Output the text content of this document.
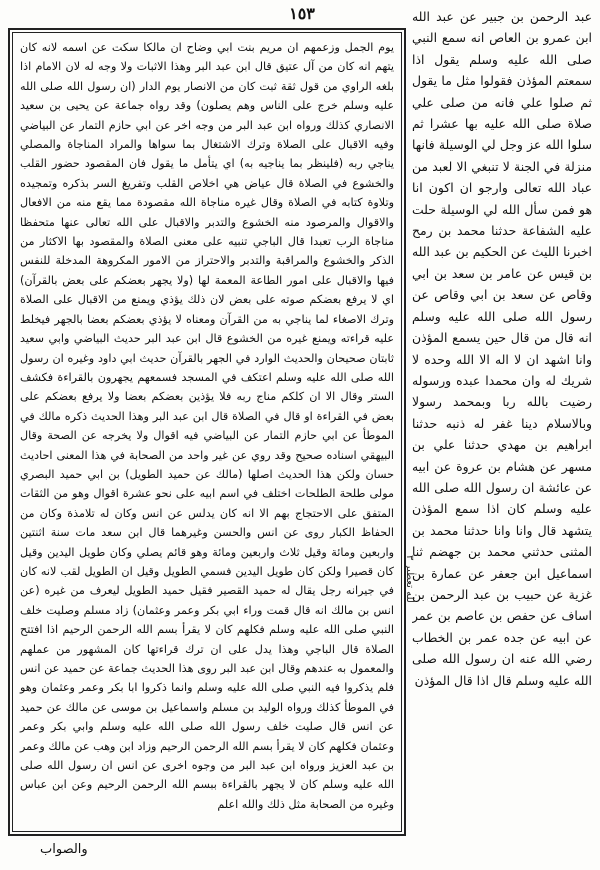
١٥٣
يوم الجمل وزعمهم ان مريم بنت ابي وضاح ان مالكا سكت عن اسمه لانه كان يتهم انه كان من آل عتيق قال ابن عبد البر وهذا الاثبات ولا وجه له لان الامام اذا بلغه الراوي من قول ثقة ثبت كان من الانصار يوم الدار (ان رسول الله صلى الله عليه وسلم خرج على الناس وهم يصلون) وقد رواه جماعة عن يحيى بن سعيد الانصاري كذلك ورواه ابن عبد البر من وجه اخر عن ابي حازم التمار عن البياضي وفيه الاقبال على الصلاة وترك الاشتغال بما سواها والمراد المناجاة والمصلي يناجي ربه (فلينظر بما يناجيه به) اي يتأمل ما يقول فان المقصود حضور القلب والخشوع في الصلاة قال عياض هي اخلاص القلب وتفريغ السر بذكره وتمجيده وتلاوة كتابه في الصلاة وقال غيره مناجاة الله مقصودة مما يقع منه من الافعال والاقوال والمرصود منه الخشوع والتدبر والاقبال على الله تعالى عنها متحفظا مناجاة الرب تعبدا قال الباجي تنبيه على معنى الصلاة والمقصود بها الاكثار من الذكر والخشوع والمراقبة والتدبر والاحتراز من الامور المكروهة المدخلة للنفس فيها والاقبال على امور الطاعة المعمة لها (ولا يجهر بعضكم على بعض بالقرآن) اي لا يرفع بعضكم صوته على بعض لان ذلك يؤذي ويمنع من الاقبال على الصلاة وترك الاصغاء لما يناجي به من القرآن ومعناه لا يؤذي بعضكم بعضا بالجهر فيخلط عليه قراءته ويمنع غيره من الخشوع قال ابن عبد البر حديث البياضي وابي سعيد ثابتان صحيحان والحديث الوارد في الجهر بالقرآن حديث ابي داود وغيره ان رسول الله صلى الله عليه وسلم اعتكف في المسجد فسمعهم يجهرون بالقراءة فكشف الستر وقال الا ان كلكم مناج ربه فلا يؤذين بعضكم بعضا ولا يرفع بعضكم على بعض في القراءة او قال في الصلاة قال ابن عبد البر وهذا الحديث ذكره مالك في الموطأ عن ابي حازم التمار عن البياضي فيه اقوال ولا يخرجه عن الصحة وقال البيهقي اسناده صحيح وقد روي عن غير واحد من الصحابة في هذا المعنى احاديث حسان ولكن هذا الحديث اصلها (مالك عن حميد الطويل) بن ابي حميد البصري مولى طلحة الطلحات اختلف في اسم ابيه على نحو عشرة اقوال وهو من الثقات المتفق على الاحتجاج بهم الا انه كان يدلس عن انس وكان له تلامذة وكان من الحفاظ الكبار روى عن انس والحسن وغيرهما قال ابن سعد مات سنة اثنتين واربعين ومائة وقيل ثلاث واربعين ومائة وهو قائم يصلي وكان طويل اليدين وقيل كان قصيرا ولكن كان طويل اليدين فسمي الطويل وقيل ان الطويل لقب لانه كان في جيرانه رجل يقال له حميد القصير فقيل حميد الطويل ليعرف من غيره (عن انس بن مالك انه قال قمت وراء ابي بكر وعمر وعثمان) زاد مسلم وصليت خلف النبي صلى الله عليه وسلم فكلهم كان لا يقرأ بسم الله الرحمن الرحيم اذا افتتح الصلاة قال الباجي وهذا يدل على ان ترك قراءتها كان المشهور من عملهم والمعمول به عندهم وقال ابن عبد البر روى هذا الحديث جماعة عن حميد عن انس فلم يذكروا فيه النبي صلى الله عليه وسلم وانما ذكروا ابا بكر وعمر وعثمان وهو في الموطأ كذلك ورواه الوليد بن مسلم واسماعيل بن موسى عن مالك عن حميد عن انس قال صليت خلف رسول الله صلى الله عليه وسلم وابي بكر وعمر وعثمان فكلهم كان لا يقرأ بسم الله الرحمن الرحيم وزاد ابن وهب عن مالك وعمر بن عبد العزيز ورواه ابن عبد البر من وجوه اخرى عن انس ان رسول الله صلى الله عليه وسلم كان لا يجهر بالقراءة ببسم الله الرحمن الرحيم وعن ابن عباس وغيره من الصحابة مثل ذلك والله اعلم
لله تعطير ٣
عبد الرحمن بن جبير عن عبد الله ابن عمرو بن العاص انه سمع النبي صلى الله عليه وسلم يقول اذا سمعتم المؤذن فقولوا مثل ما يقول ثم صلوا علي فانه من صلى علي صلاة صلى الله عليه بها عشرا ثم سلوا الله عز وجل لي الوسيلة فانها منزلة في الجنة لا تنبغي الا لعبد من عباد الله تعالى وارجو ان اكون انا هو فمن سأل الله لي الوسيلة حلت عليه الشفاعة حدثنا محمد بن رمح اخبرنا الليث عن الحكيم بن عبد الله بن قيس عن عامر بن سعد بن ابي وقاص عن سعد بن ابي وقاص عن رسول الله صلى الله عليه وسلم انه قال من قال حين يسمع المؤذن وانا اشهد ان لا اله الا الله وحده لا شريك له وان محمدا عبده ورسوله رضيت بالله ربا وبمحمد رسولا وبالاسلام دينا غفر له ذنبه حدثنا ابراهيم بن مهدي حدثنا علي بن مسهر عن هشام بن عروة عن ابيه عن عائشة ان رسول الله صلى الله عليه وسلم كان اذا سمع المؤذن يتشهد قال وانا وانا حدثنا محمد بن المثنى حدثني محمد بن جهضم ثنا اسماعيل ابن جعفر عن عمارة بن غزية عن حبيب بن عبد الرحمن بن اساف عن حفص بن عاصم بن عمر عن ابيه عن جده عمر بن الخطاب رضي الله عنه ان رسول الله صلى الله عليه وسلم قال اذا قال المؤذن
والصواب
